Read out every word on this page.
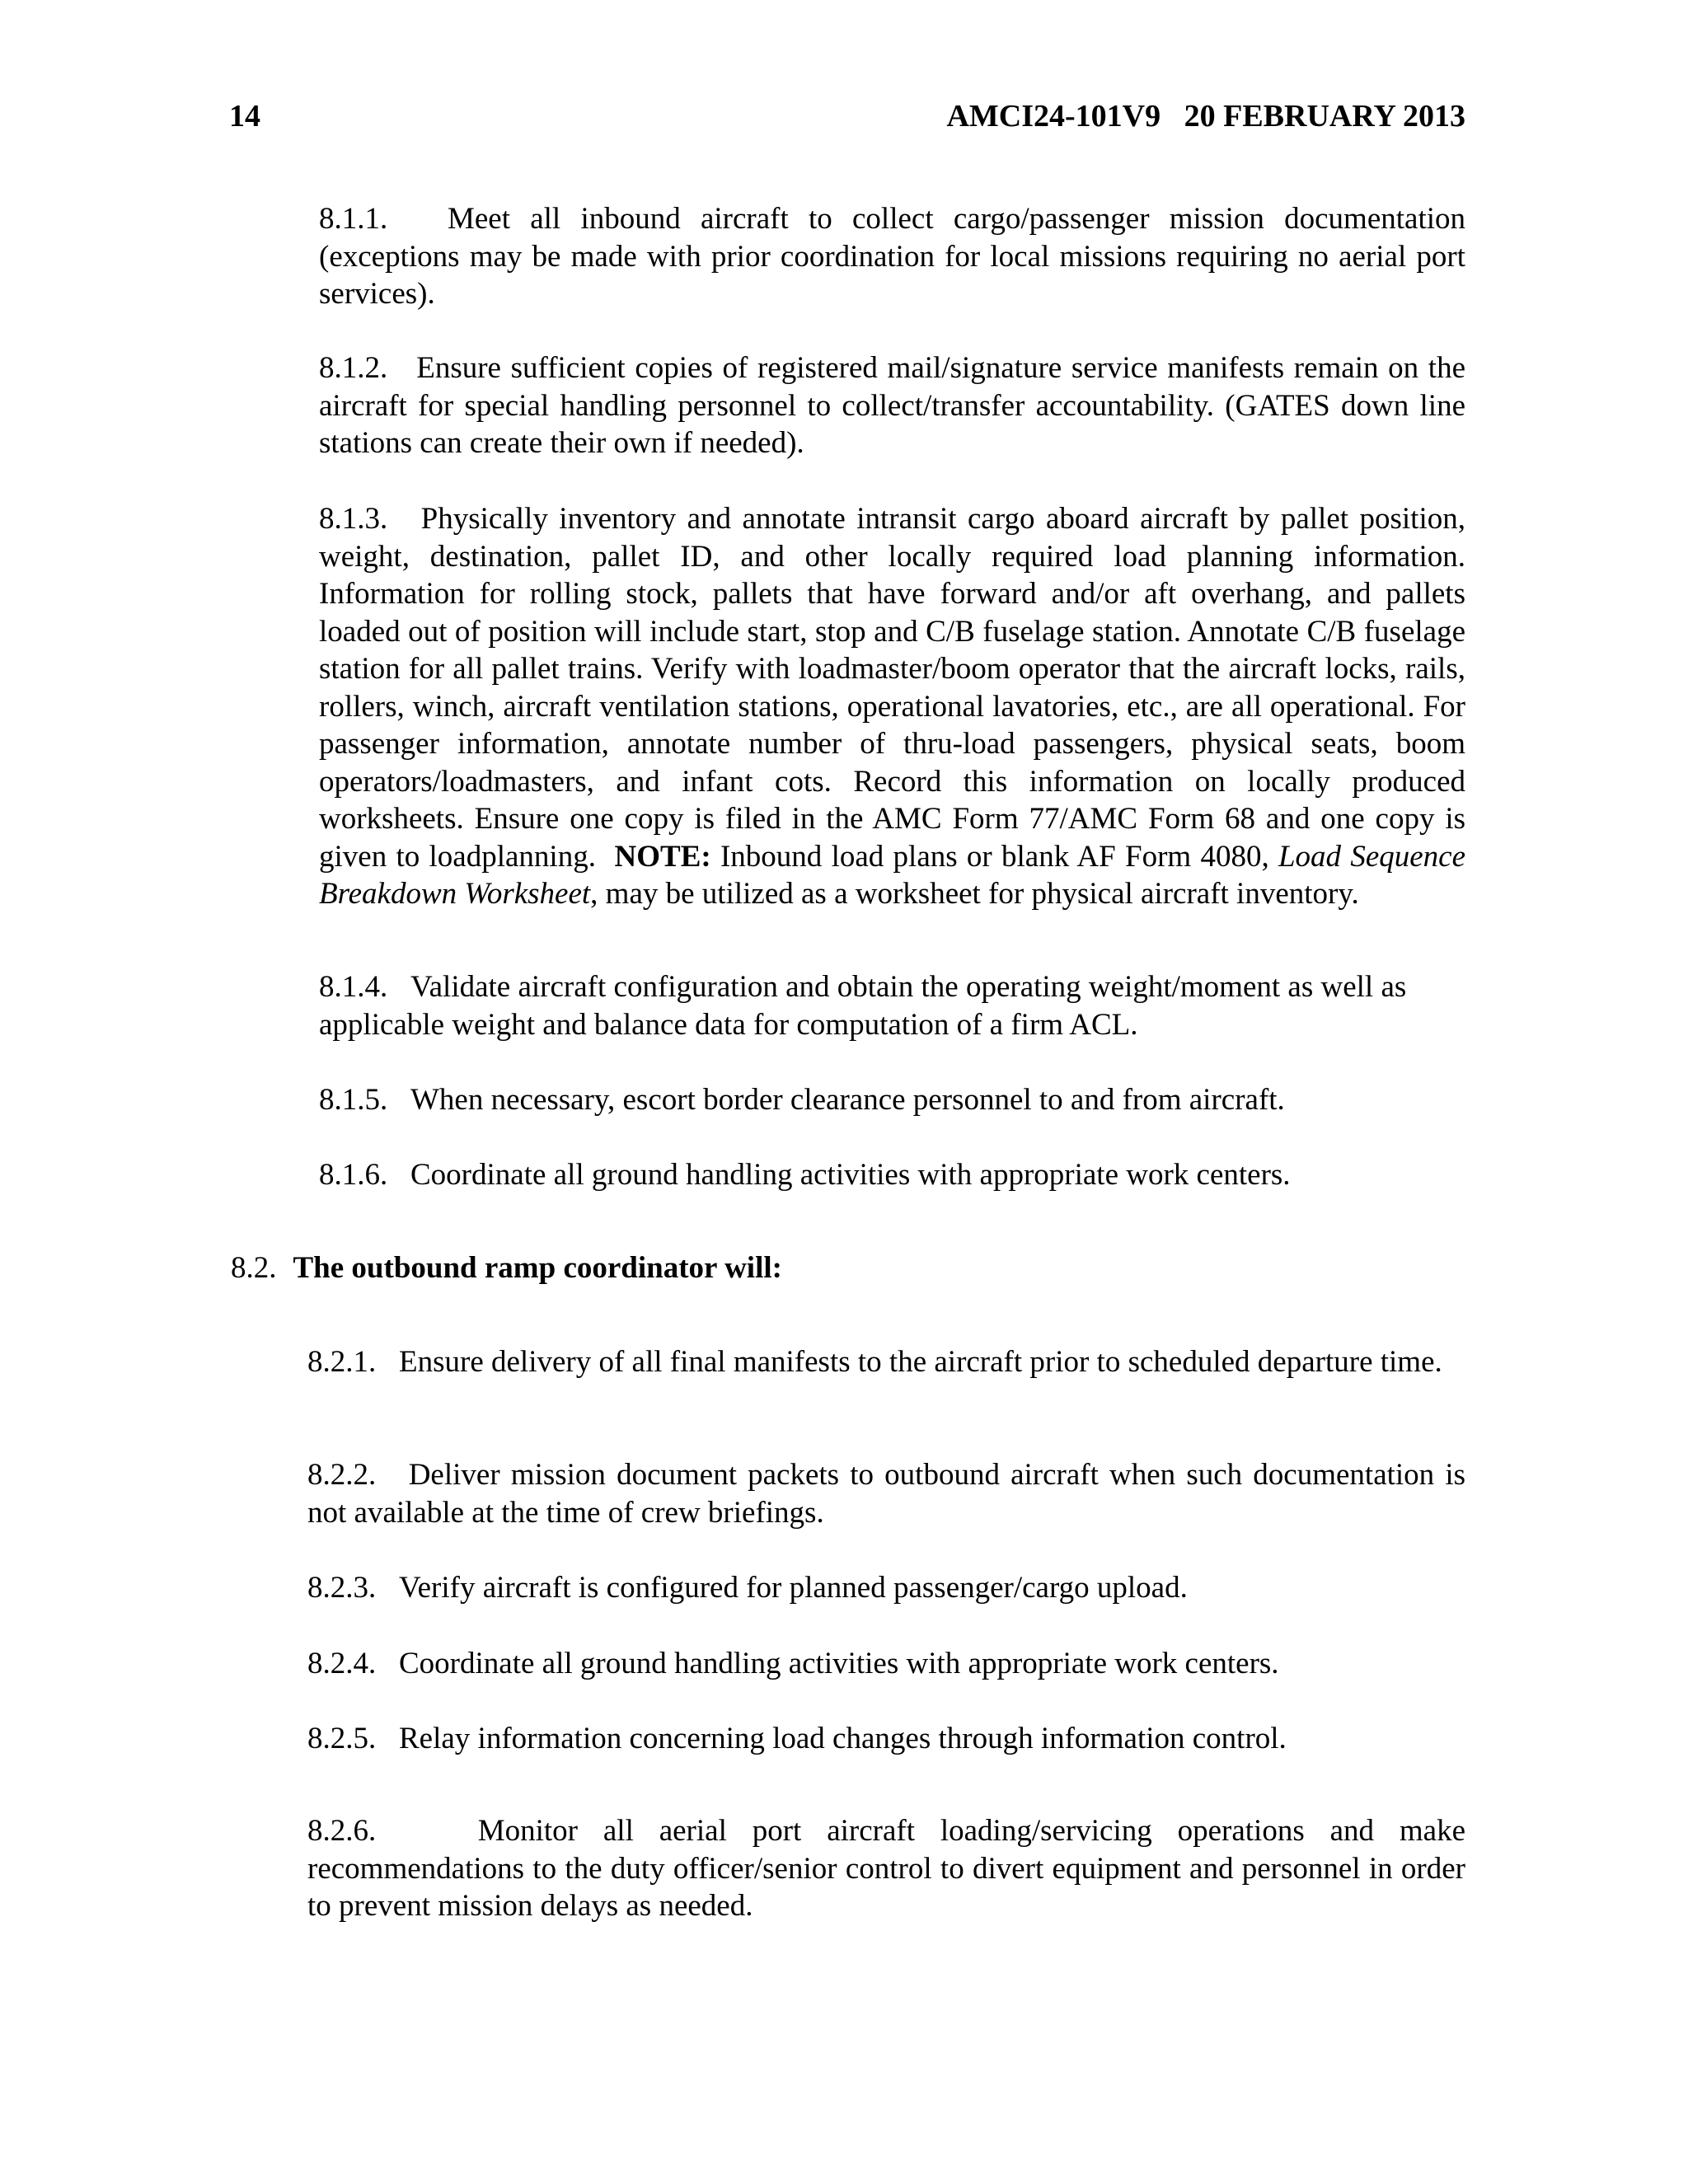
14	AMCI24-101V9 20 FEBRUARY 2013
8.1.1. Meet all inbound aircraft to collect cargo/passenger mission documentation (exceptions may be made with prior coordination for local missions requiring no aerial port services).
8.1.2. Ensure sufficient copies of registered mail/signature service manifests remain on the aircraft for special handling personnel to collect/transfer accountability. (GATES down line stations can create their own if needed).
8.1.3. Physically inventory and annotate intransit cargo aboard aircraft by pallet position, weight, destination, pallet ID, and other locally required load planning information. Information for rolling stock, pallets that have forward and/or aft overhang, and pallets loaded out of position will include start, stop and C/B fuselage station. Annotate C/B fuselage station for all pallet trains. Verify with loadmaster/boom operator that the aircraft locks, rails, rollers, winch, aircraft ventilation stations, operational lavatories, etc., are all operational. For passenger information, annotate number of thru-load passengers, physical seats, boom operators/loadmasters, and infant cots. Record this information on locally produced worksheets. Ensure one copy is filed in the AMC Form 77/AMC Form 68 and one copy is given to loadplanning. NOTE: Inbound load plans or blank AF Form 4080, Load Sequence Breakdown Worksheet, may be utilized as a worksheet for physical aircraft inventory.
8.1.4. Validate aircraft configuration and obtain the operating weight/moment as well as applicable weight and balance data for computation of a firm ACL.
8.1.5. When necessary, escort border clearance personnel to and from aircraft.
8.1.6. Coordinate all ground handling activities with appropriate work centers.
8.2. The outbound ramp coordinator will:
8.2.1. Ensure delivery of all final manifests to the aircraft prior to scheduled departure time.
8.2.2. Deliver mission document packets to outbound aircraft when such documentation is not available at the time of crew briefings.
8.2.3. Verify aircraft is configured for planned passenger/cargo upload.
8.2.4. Coordinate all ground handling activities with appropriate work centers.
8.2.5. Relay information concerning load changes through information control.
8.2.6.	Monitor all aerial port aircraft loading/servicing operations and make recommendations to the duty officer/senior control to divert equipment and personnel in order to prevent mission delays as needed.
